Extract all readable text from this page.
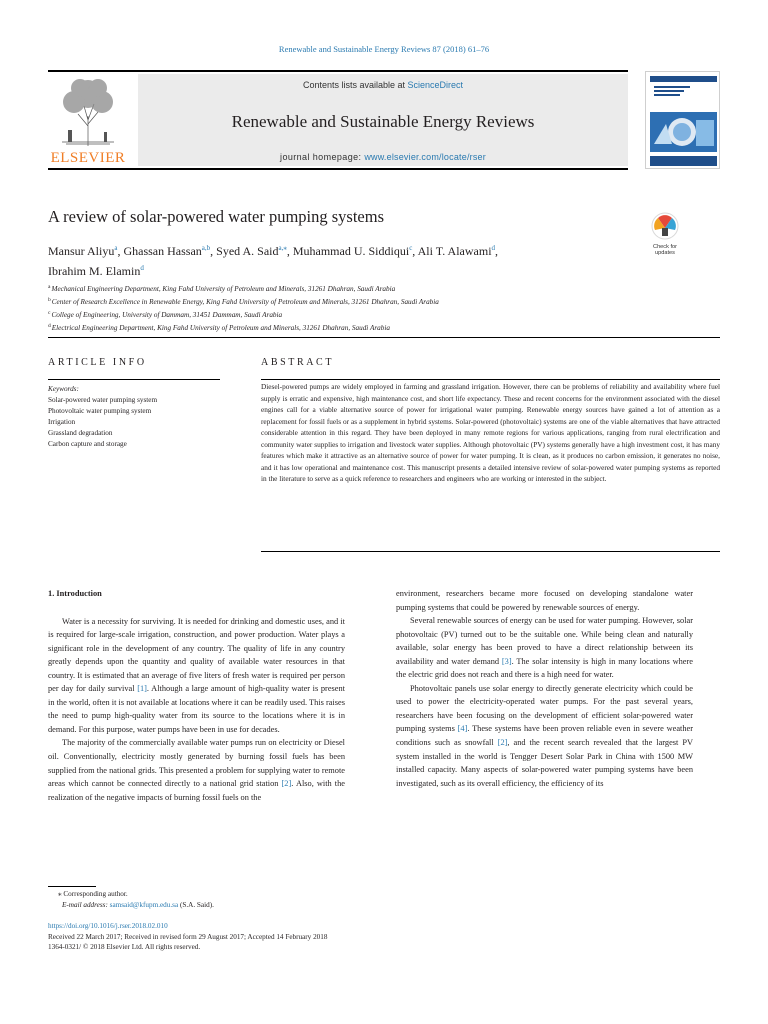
Renewable and Sustainable Energy Reviews 87 (2018) 61–76
ELSEVIER
Contents lists available at ScienceDirect
Renewable and Sustainable Energy Reviews
journal homepage: www.elsevier.com/locate/rser
A review of solar-powered water pumping systems
Check for
updates
Mansur Aliyu$^a$, Ghassan Hassan$^{a,b}$, Syed A. Said$^{a,⁎}$, Muhammad U. Siddiqui$^c$, Ali T. Alawami$^d$,
Ibrahim M. Elamin$^d$
$^a$Mechanical Engineering Department, King Fahd University of Petroleum and Minerals, 31261 Dhahran, Saudi Arabia
$^b$Center of Research Excellence in Renewable Energy, King Fahd University of Petroleum and Minerals, 31261 Dhahran, Saudi Arabia
$^c$College of Engineering, University of Dammam, 31451 Dammam, Saudi Arabia
$^d$Electrical Engineering Department, King Fahd University of Petroleum and Minerals, 31261 Dhahran, Saudi Arabia
ARTICLE INFO	ABSTRACT
Keywords:
Solar-powered water pumping system
Photovoltaic water pumping system
Irrigation
Grassland degradation
Carbon capture and storage
Diesel-powered pumps are widely employed in farming and grassland irrigation. However, there can be problems of reliability and availability where fuel supply is erratic and expensive, high maintenance cost, and short life expectancy. These and recent concerns for the environment associated with the diesel engines call for a viable alternative source of power for irrigational water pumping. Renewable energy sources have gained a lot of attention as a replacement for fossil fuels or as a supplement in hybrid systems. Solar-powered (photovoltaic) systems are one of the viable alternatives that have attracted considerable attention in this regard. They have been deployed in many remote regions for various applications, ranging from rural electrification and community water supplies to irrigation and livestock water supplies. Although photovoltaic (PV) systems generally have a high investment cost, it has many features which make it attractive as an alternative source of power for water pumping. It is clean, as it produces no carbon emission, it generates no noise, and it has low operational and maintenance cost. This manuscript presents a detailed intensive review of solar-powered water pumping systems as reported in the literature to serve as a quick reference to researchers and engineers who are working or interested in the subject.
1. Introduction

Water is a necessity for surviving. It is needed for drinking and domestic uses, and it is required for large-scale irrigation, construction, and power production. Water plays a significant role in the development of any country. The quality of life in any country greatly depends upon the quantity and quality of available water resources in that country. It is estimated that an average of five liters of fresh water is required per person per day for daily survival [1]. Although a large amount of high-quality water is present in the world, often it is not available at locations where it can be readily used. This raises the need to pump high-quality water from its source to the locations where it is in demand. For this purpose, water pumps have been in use for decades.

The majority of the commercially available water pumps run on electricity or Diesel oil. Conventionally, electricity mostly generated by burning fossil fuels has been supplied from the national grids. This presented a problem for supplying water to remote areas which cannot be connected directly to a national grid station [2]. Also, with the realization of the negative impacts of burning fossil fuels on the

environment, researchers became more focused on developing standalone water pumping systems that could be powered by renewable sources of energy.

Several renewable sources of energy can be used for water pumping. However, solar photovoltaic (PV) turned out to be the suitable one. While being clean and naturally available, solar energy has been proved to have a direct relationship between its availability and water demand [3]. The solar intensity is high in many locations where the electric grid does not reach and there is a high need for water.

Photovoltaic panels use solar energy to directly generate electricity which could be used to power the electricity-operated water pumps. For the past several years, researchers have been focusing on the development of efficient solar-powered water pumping systems [4]. These systems have been proven reliable even in severe weather conditions such as snowfall [2], and the recent search revealed that the largest PV system installed in the world is Tengger Desert Solar Park in China with 1500 MW installed capacity. Many aspects of solar-powered water pumping systems have been investigated, such as its overall efficiency, the efficiency of its

⁎ Corresponding author.
E-mail address: samsaid@kfupm.edu.sa (S.A. Said).
https://doi.org/10.1016/j.rser.2018.02.010
Received 22 March 2017; Received in revised form 29 August 2017; Accepted 14 February 2018
1364-0321/ © 2018 Elsevier Ltd. All rights reserved.
